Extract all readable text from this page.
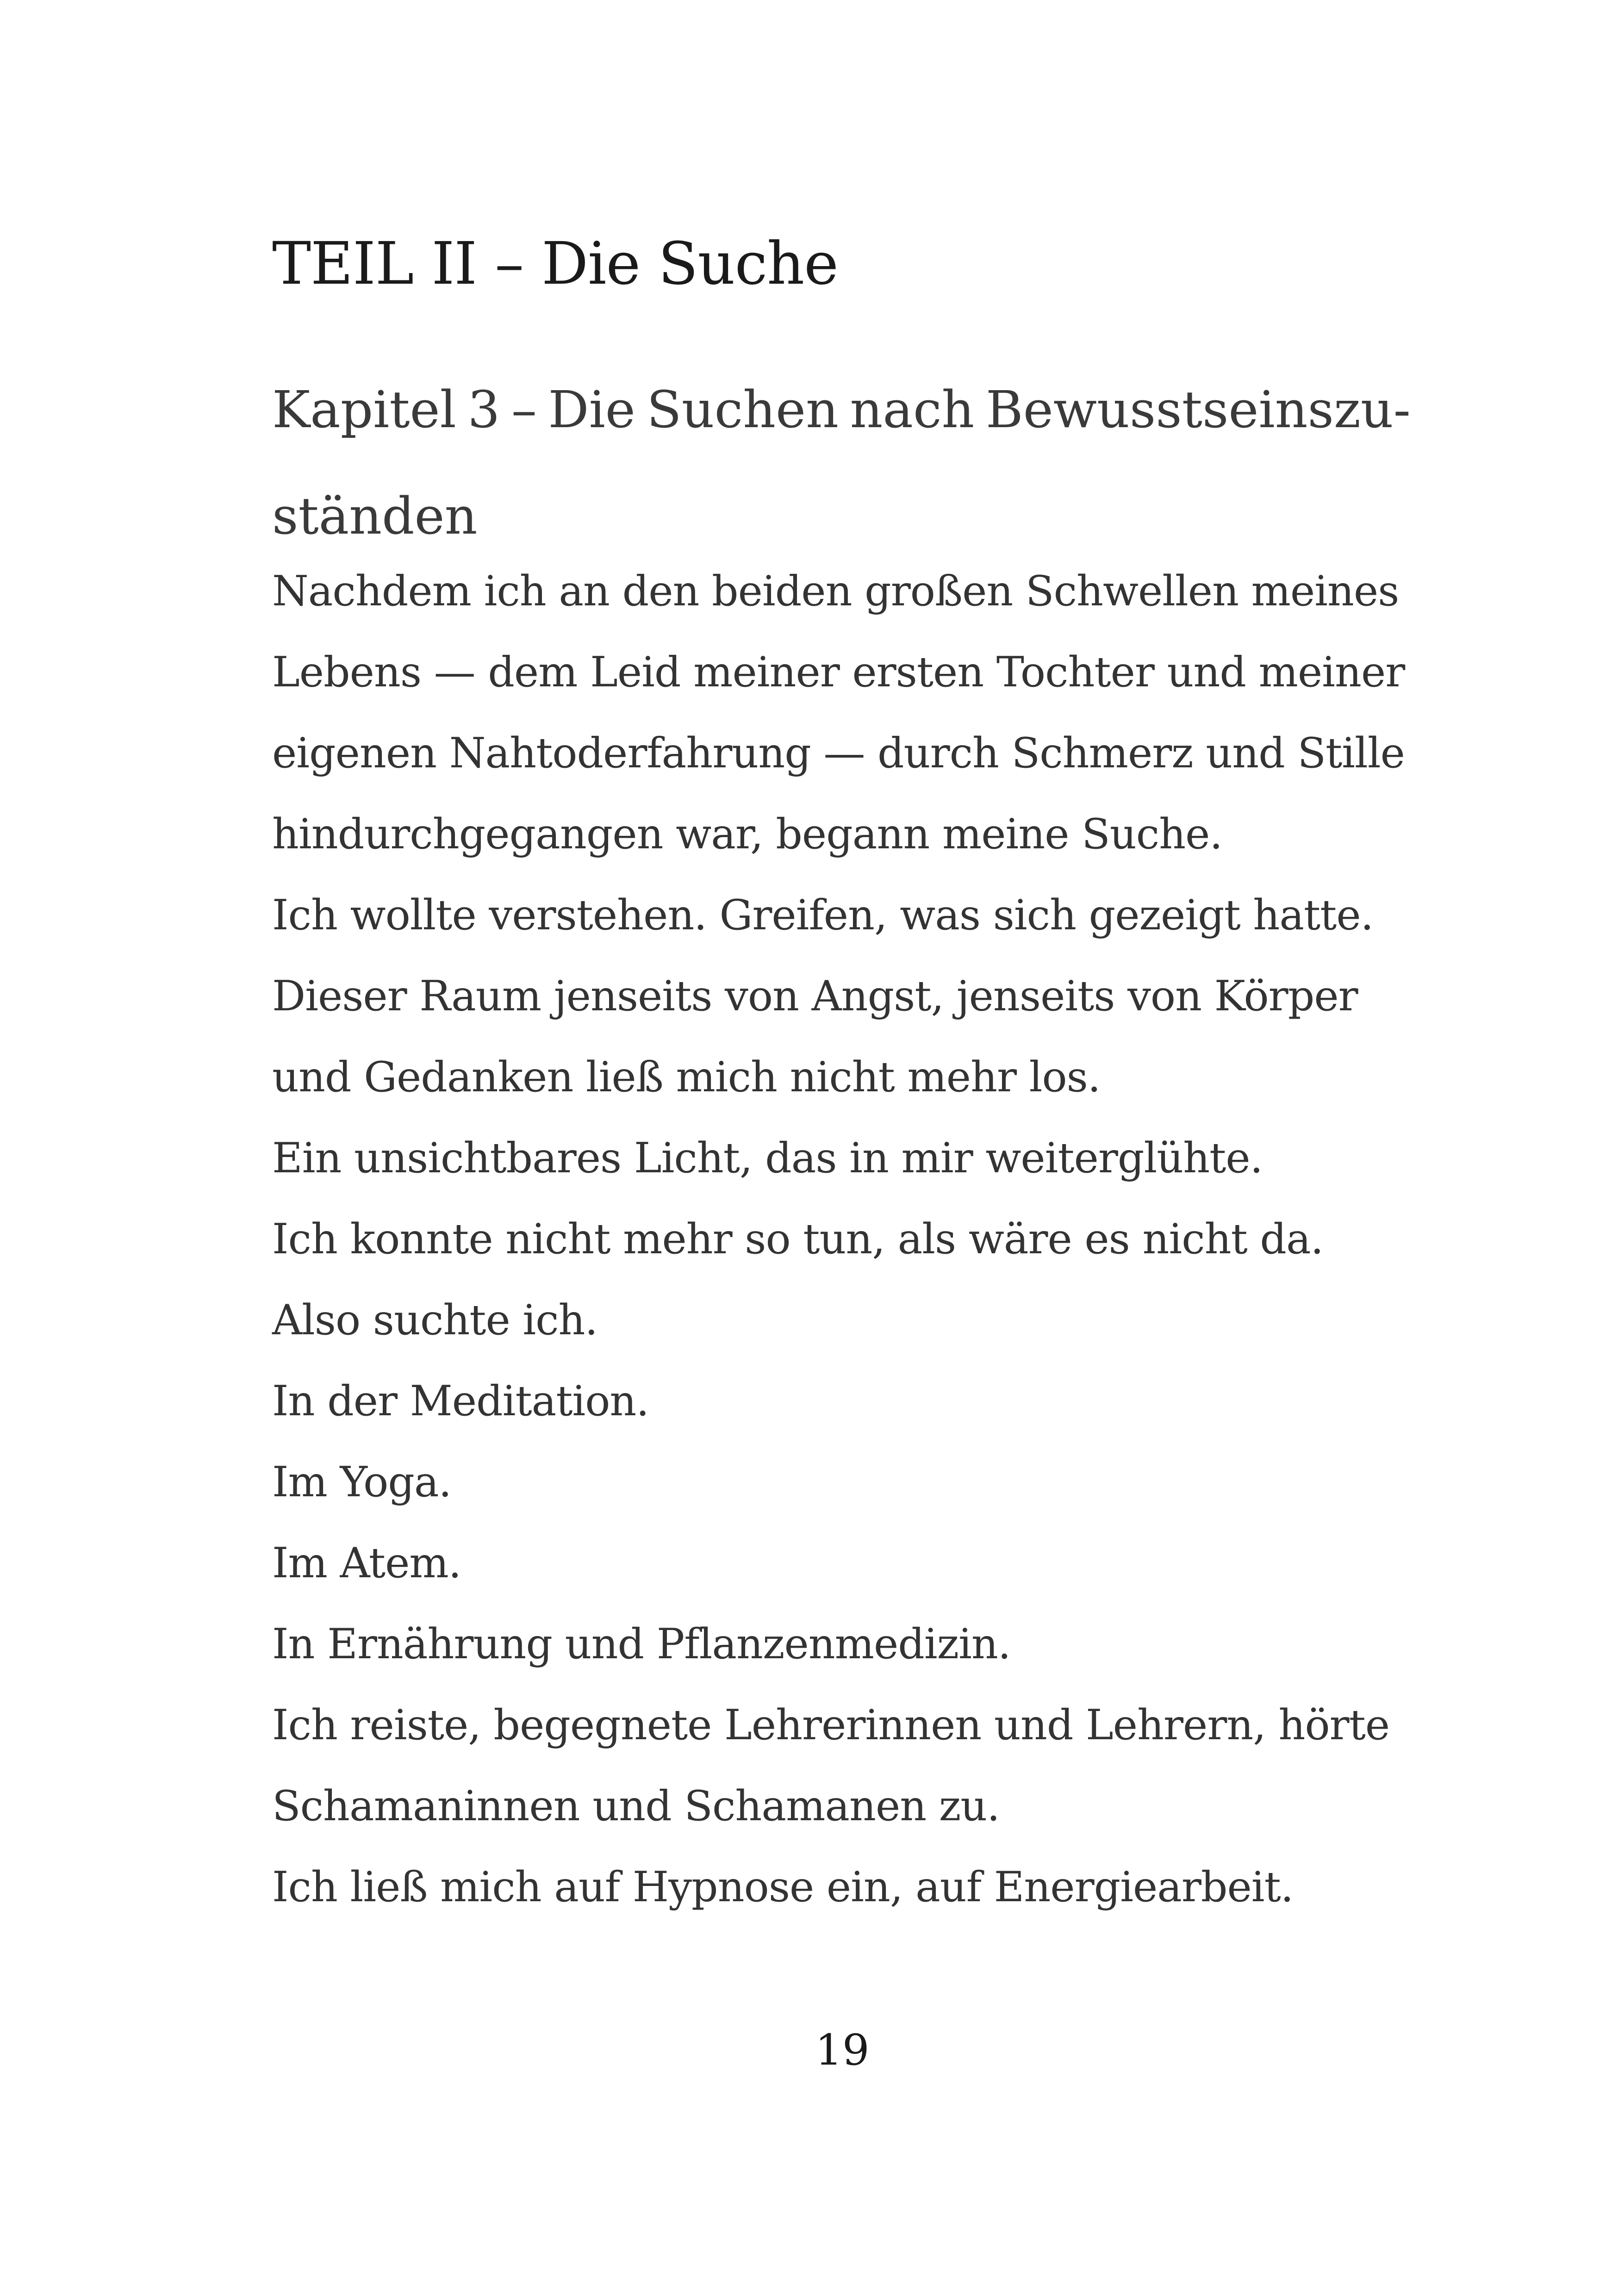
TEIL II – Die Suche
Kapitel 3 – Die Suchen nach Bewusstseinszu-
ständen
Nachdem ich an den beiden großen Schwellen meines
Lebens — dem Leid meiner ersten Tochter und meiner
eigenen Nahtoderfahrung — durch Schmerz und Stille
hindurchgegangen war, begann meine Suche.
Ich wollte verstehen. Greifen, was sich gezeigt hatte.
Dieser Raum jenseits von Angst, jenseits von Körper
und Gedanken ließ mich nicht mehr los.
Ein unsichtbares Licht, das in mir weiterglühte.
Ich konnte nicht mehr so tun, als wäre es nicht da.
Also suchte ich.
In der Meditation.
Im Yoga.
Im Atem.
In Ernährung und Pflanzenmedizin.
Ich reiste, begegnete Lehrerinnen und Lehrern, hörte
Schamaninnen und Schamanen zu.
Ich ließ mich auf Hypnose ein, auf Energiearbeit.
19
